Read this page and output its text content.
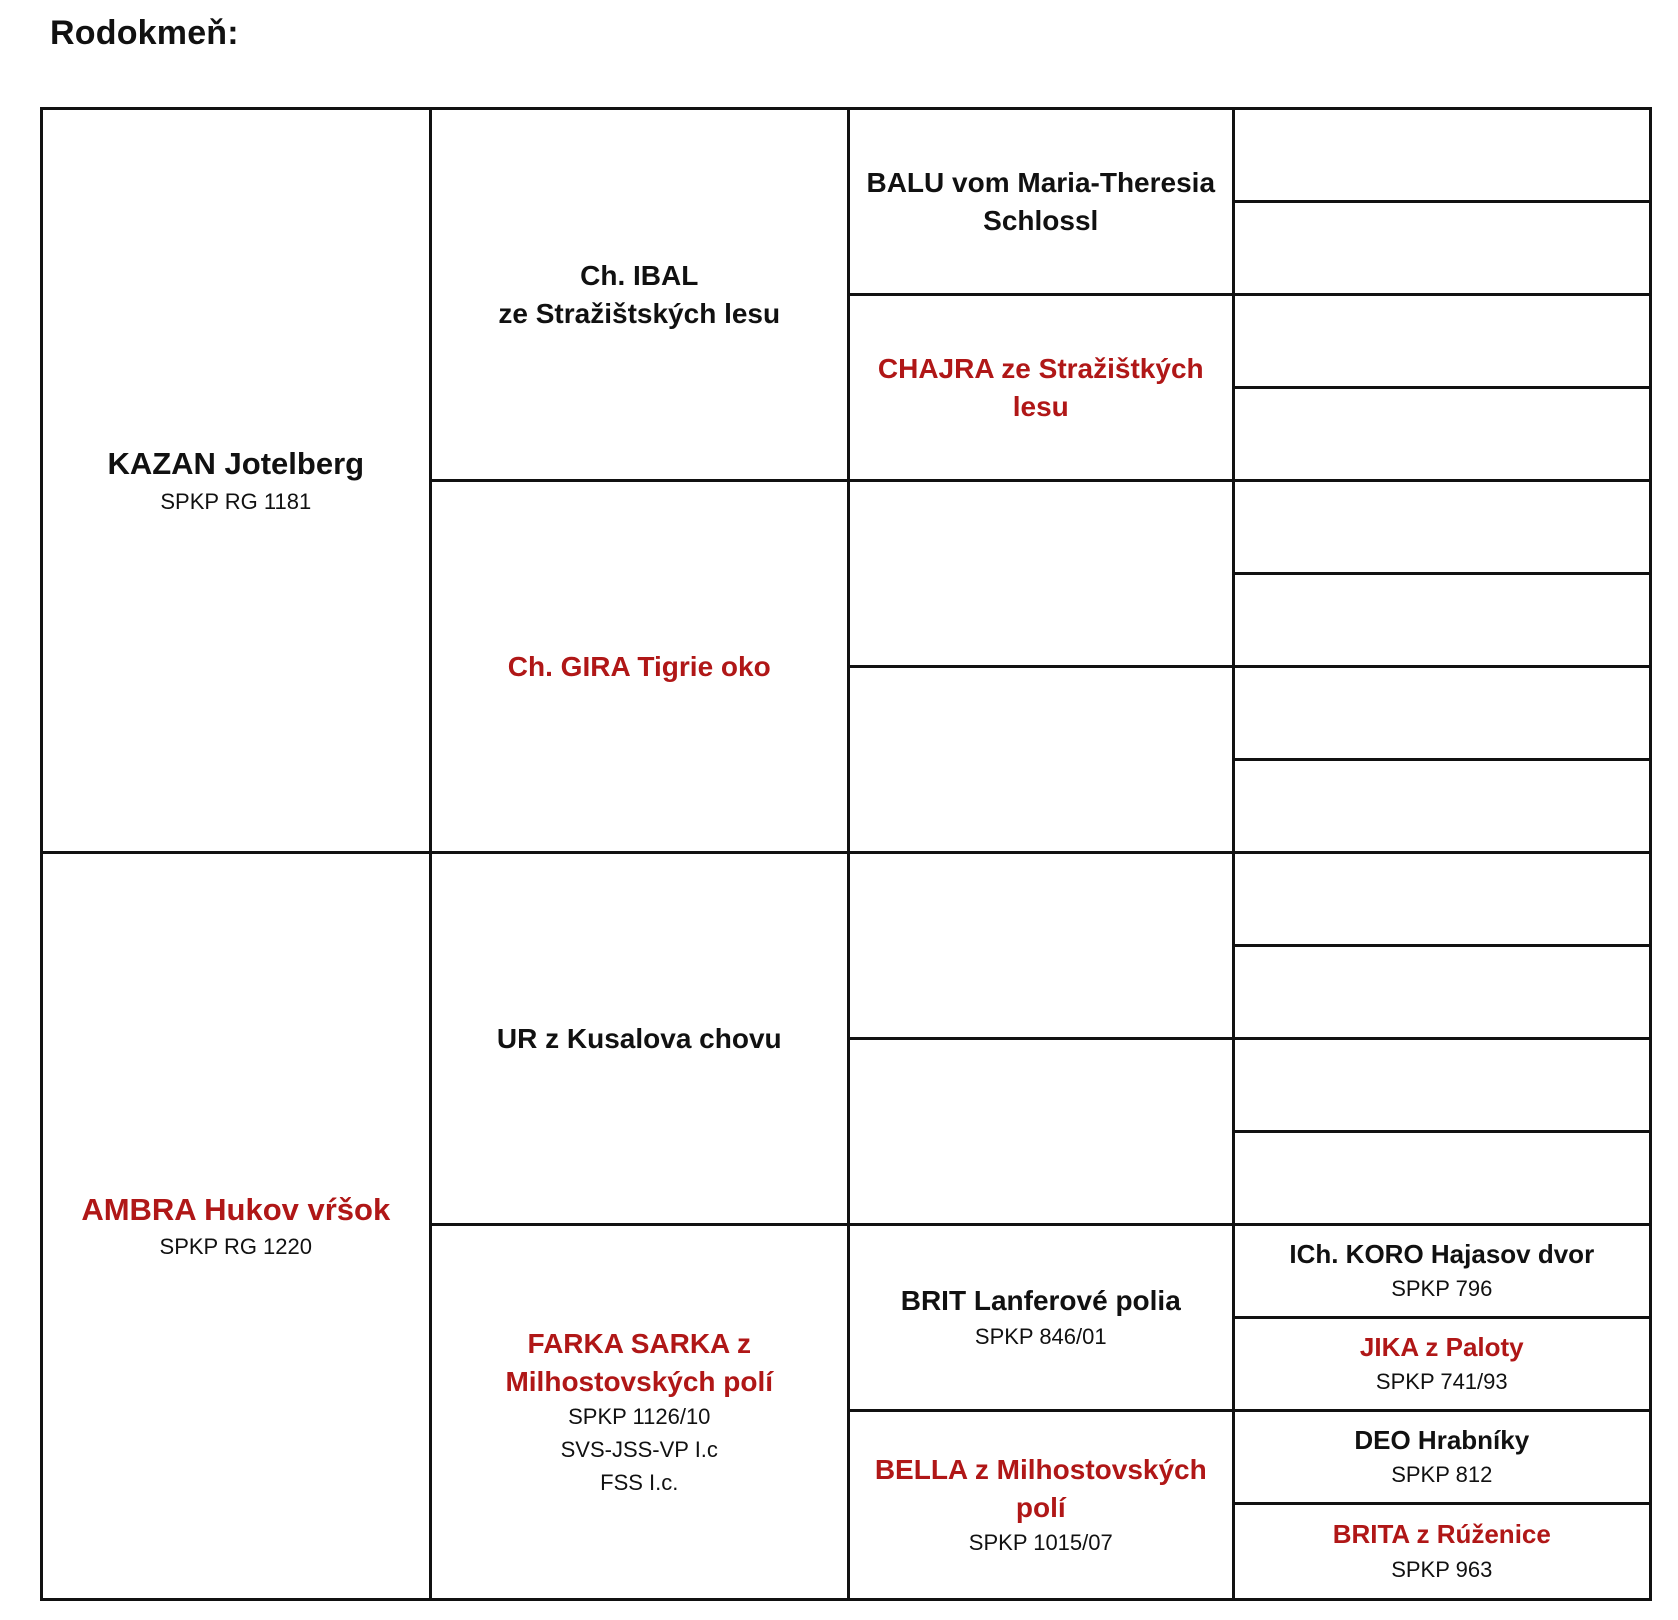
Rodokmeň:
KAZAN Jotelberg
SPKP RG 1181
AMBRA Hukov vŕšok
SPKP RG 1220
Ch. IBAL
ze Stražištských lesu
Ch. GIRA Tigrie oko
UR z Kusalova chovu
FARKA SARKA z
Milhostovských polí
SPKP 1126/10
SVS-JSS-VP I.c
FSS I.c.
BALU vom Maria-Theresia
Schlossl
CHAJRA ze Stražištkých lesu
BRIT Lanferové polia
SPKP 846/01
BELLA z Milhostovských polí
SPKP 1015/07
ICh. KORO Hajasov dvor
SPKP 796
JIKA z Paloty
SPKP 741/93
DEO Hrabníky
SPKP 812
BRITA z Rúženice
SPKP 963
